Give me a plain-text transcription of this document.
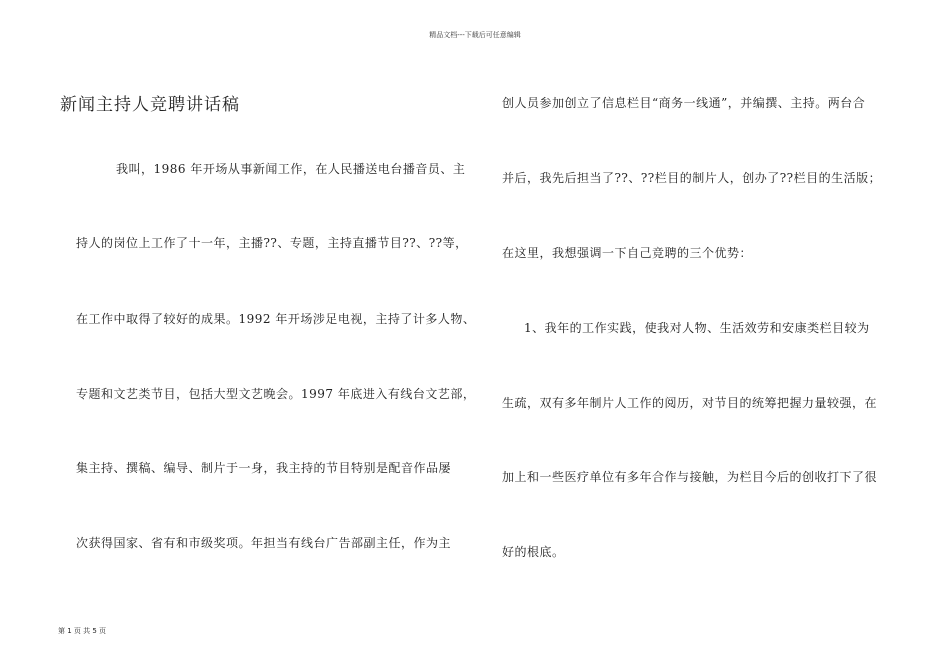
精品文档---下载后可任意编辑
新闻主持人竞聘讲话稿
我叫，1986 年开场从事新闻工作，在人民播送电台播音员、主
持人的岗位上工作了十一年，主播??、专题，主持直播节目??、??等，
在工作中取得了较好的成果。1992 年开场涉足电视，主持了计多人物、
专题和文艺类节目，包括大型文艺晚会。1997 年底进入有线台文艺部，
集主持、撰稿、编导、制片于一身，我主持的节目特别是配音作品屡
次获得国家、省有和市级奖项。年担当有线台广告部副主任，作为主
创人员参加创立了信息栏目“商务一线通”，并编撰、主持。两台合
并后，我先后担当了??、??栏目的制片人，创办了??栏目的生活版；
在这里，我想强调一下自己竞聘的三个优势：
1、我年的工作实践，使我对人物、生活效劳和安康类栏目较为
生疏，双有多年制片人工作的阅历，对节目的统筹把握力量较强，在
加上和一些医疗单位有多年合作与接触，为栏目今后的创收打下了很
好的根底。
第 1 页 共 5 页
